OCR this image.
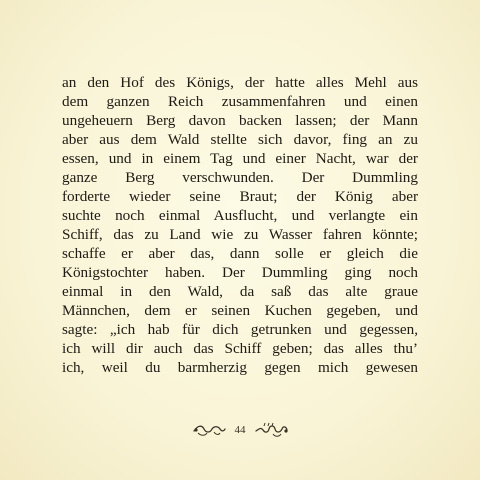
an den Hof des Königs, der hatte alles Mehl aus
dem ganzen Reich zusammenfahren und einen
ungeheuern Berg davon backen lassen; der Mann
aber aus dem Wald stellte sich davor, fing an zu
essen, und in einem Tag und einer Nacht, war der
ganze Berg verschwunden. Der Dummling
forderte wieder seine Braut; der König aber
suchte noch einmal Ausflucht, und verlangte ein
Schiff, das zu Land wie zu Wasser fahren könnte;
schaffe er aber das, dann solle er gleich die
Königstochter haben. Der Dummling ging noch
einmal in den Wald, da saß das alte graue
Männchen, dem er seinen Kuchen gegeben, und
sagte: „ich hab für dich getrunken und gegessen,
ich will dir auch das Schiff geben; das alles thu’
ich, weil du barmherzig gegen mich gewesen
44
